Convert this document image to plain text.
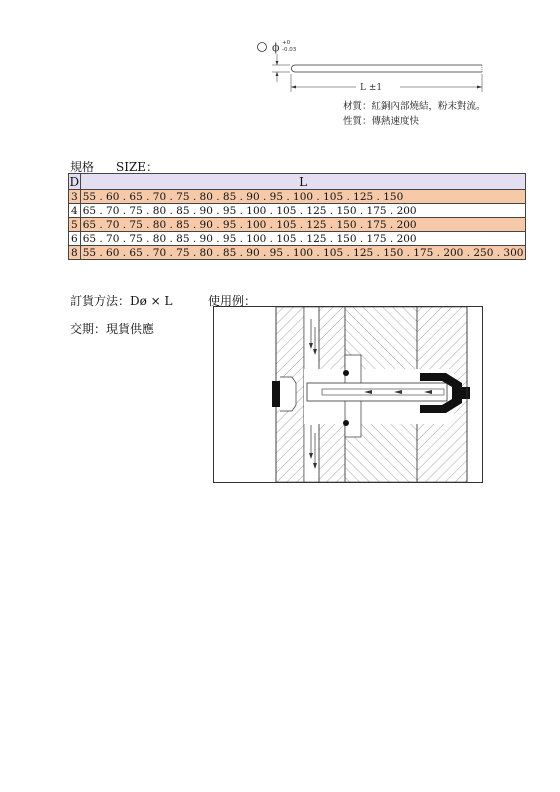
ϕ +0
-0.03
L ±1
材質：紅銅內部燒結，粉末對流。
性質：傳熱速度快
規格 SIZE：
D	L
3	55 . 60 . 65 . 70 . 75 . 80 . 85 . 90 . 95 . 100 . 105 . 125 . 150
4	65 . 70 . 75 . 80 . 85 . 90 . 95 . 100 . 105 . 125 . 150 . 175 . 200
5	65 . 70 . 75 . 80 . 85 . 90 . 95 . 100 . 105 . 125 . 150 . 175 . 200
6	65 . 70 . 75 . 80 . 85 . 90 . 95 . 100 . 105 . 125 . 150 . 175 . 200
8	55 . 60 . 65 . 70 . 75 . 80 . 85 . 90 . 95 . 100 . 105 . 125 . 150 . 175 . 200 . 250 . 300
訂貨方法：Dø × L
交期：現貨供應
使用例：
